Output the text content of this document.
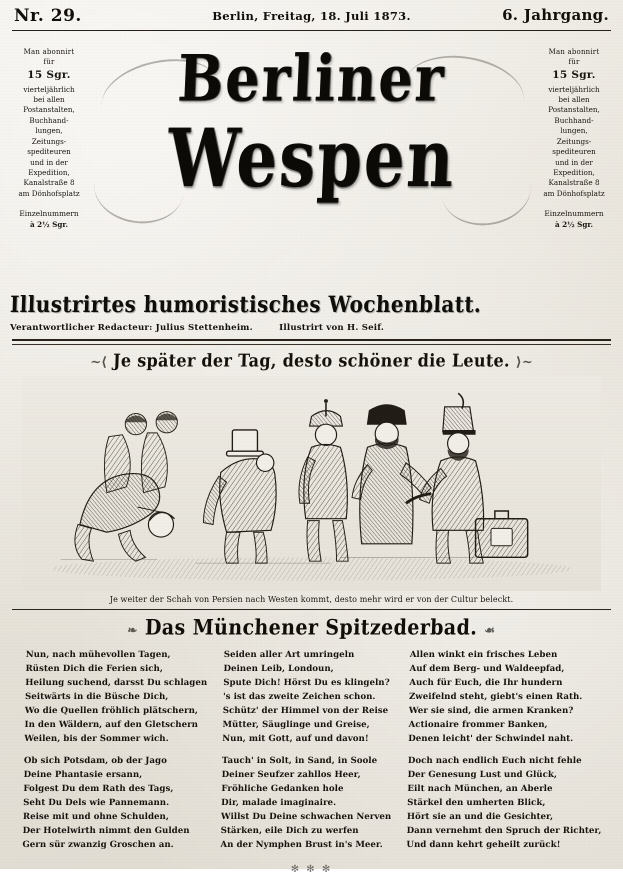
Nr. 29.	Berlin, Freitag, 18. Juli 1873.	6. Jahrgang.
Man abonnirt
für
15 Sgr.
vierteljährlich
bei allen
Postanstalten,
Buchhand-
lungen,
Zeitungs-
spediteuren
und in der
Expedition,
Kanalstraße 8
am Dönhofsplatz
Einzelnummern
à 2½ Sgr.
Berliner
Wespen
Man abonnirt
für
15 Sgr.
vierteljährlich
bei allen
Postanstalten,
Buchhand-
lungen,
Zeitungs-
spediteuren
und in der
Expedition,
Kanalstraße 8
am Dönhofsplatz
Einzelnummern
à 2½ Sgr.
Illustrirtes humoristisches Wochenblatt.
Verantwortlicher Redacteur: Julius Stettenheim.	Illustrirt von H. Seif.
~⟨ Je später der Tag, desto schöner die Leute. ⟩~
Je weiter der Schah von Persien nach Westen kommt, desto mehr wird er von der Cultur beleckt.
❧ Das Münchener Spitzederbad. ☙
Nun, nach mühevollen Tagen,
Rüsten Dich die Ferien sich,
Heilung suchend, darsst Du schlagen
Seitwärts in die Büsche Dich,
Wo die Quellen fröhlich plätschern,
In den Wäldern, auf den Gletschern
Weilen, bis der Sommer wich.
Ob sich Potsdam, ob der Jago
Deine Phantasie ersann,
Folgest Du dem Rath des Tags,
Seht Du Dels wie Pannemann.
Reise mit und ohne Schulden,
Der Hotelwirth nimmt den Gulden
Gern sür zwanzig Groschen an.
Seiden aller Art umringeln
Deinen Leib, Londoun,
Spute Dich! Hörst Du es klingeln?
's ist das zweite Zeichen schon.
Schütz' der Himmel von der Reise
Mütter, Säuglinge und Greise,
Nun, mit Gott, auf und davon!
Tauch' in Solt, in Sand, in Soole
Deiner Seufzer zahllos Heer,
Fröhliche Gedanken hole
Dir, malade imaginaire.
Willst Du Deine schwachen Nerven
Stärken, eile Dich zu werfen
An der Nymphen Brust in's Meer.
Allen winkt ein frisches Leben
Auf dem Berg- und Waldeepfad,
Auch für Euch, die Ihr hundern
Zweifelnd steht, giebt's einen Rath.
Wer sie sind, die armen Kranken?
Actionaire frommer Banken,
Denen leicht' der Schwindel naht.
Doch nach endlich Euch nicht fehle
Der Genesung Lust und Glück,
Eilt nach München, an Aberle
Stärkel den umherten Blick,
Hört sie an und die Gesichter,
Dann vernehmt den Spruch der Richter,
Und dann kehrt geheilt zurück!
✻ ✻ ✻
